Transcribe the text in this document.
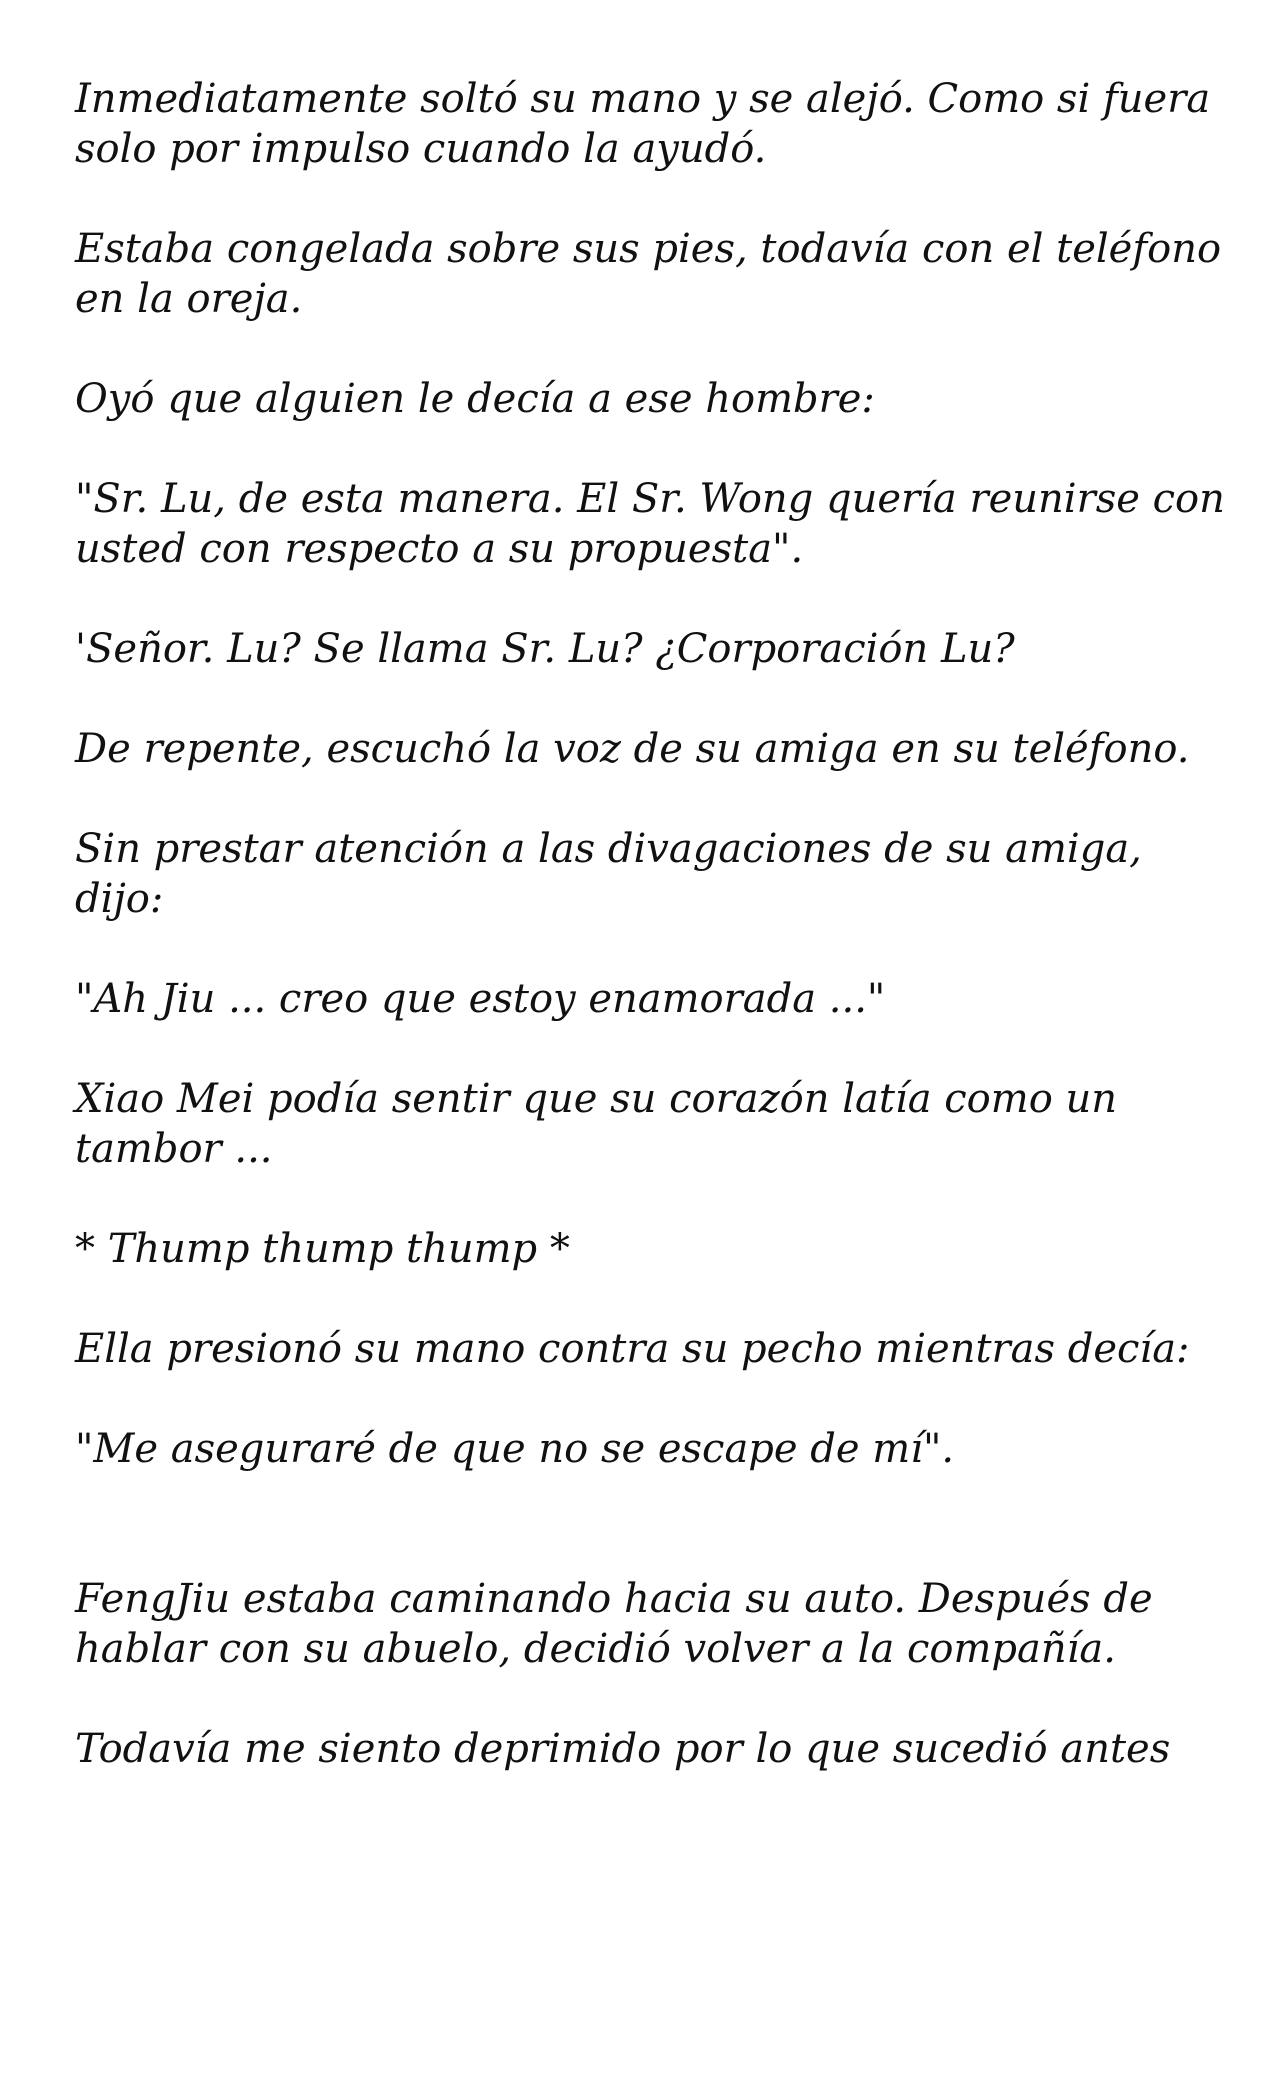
Inmediatamente soltó su mano y se alejó. Como si fuera solo por impulso cuando la ayudó.

Estaba congelada sobre sus pies, todavía con el teléfono en la oreja.

Oyó que alguien le decía a ese hombre:

"Sr. Lu, de esta manera. El Sr. Wong quería reunirse con usted con respecto a su propuesta".

'Señor. Lu? Se llama Sr. Lu? ¿Corporación Lu?

De repente, escuchó la voz de su amiga en su teléfono.

Sin prestar atención a las divagaciones de su amiga, dijo:

"Ah Jiu ... creo que estoy enamorada ..."

Xiao Mei podía sentir que su corazón latía como un tambor ...

* Thump thump thump *

Ella presionó su mano contra su pecho mientras decía:

"Me aseguraré de que no se escape de mí".

FengJiu estaba caminando hacia su auto. Después de hablar con su abuelo, decidió volver a la compañía.

Todavía me siento deprimido por lo que sucedió antes
